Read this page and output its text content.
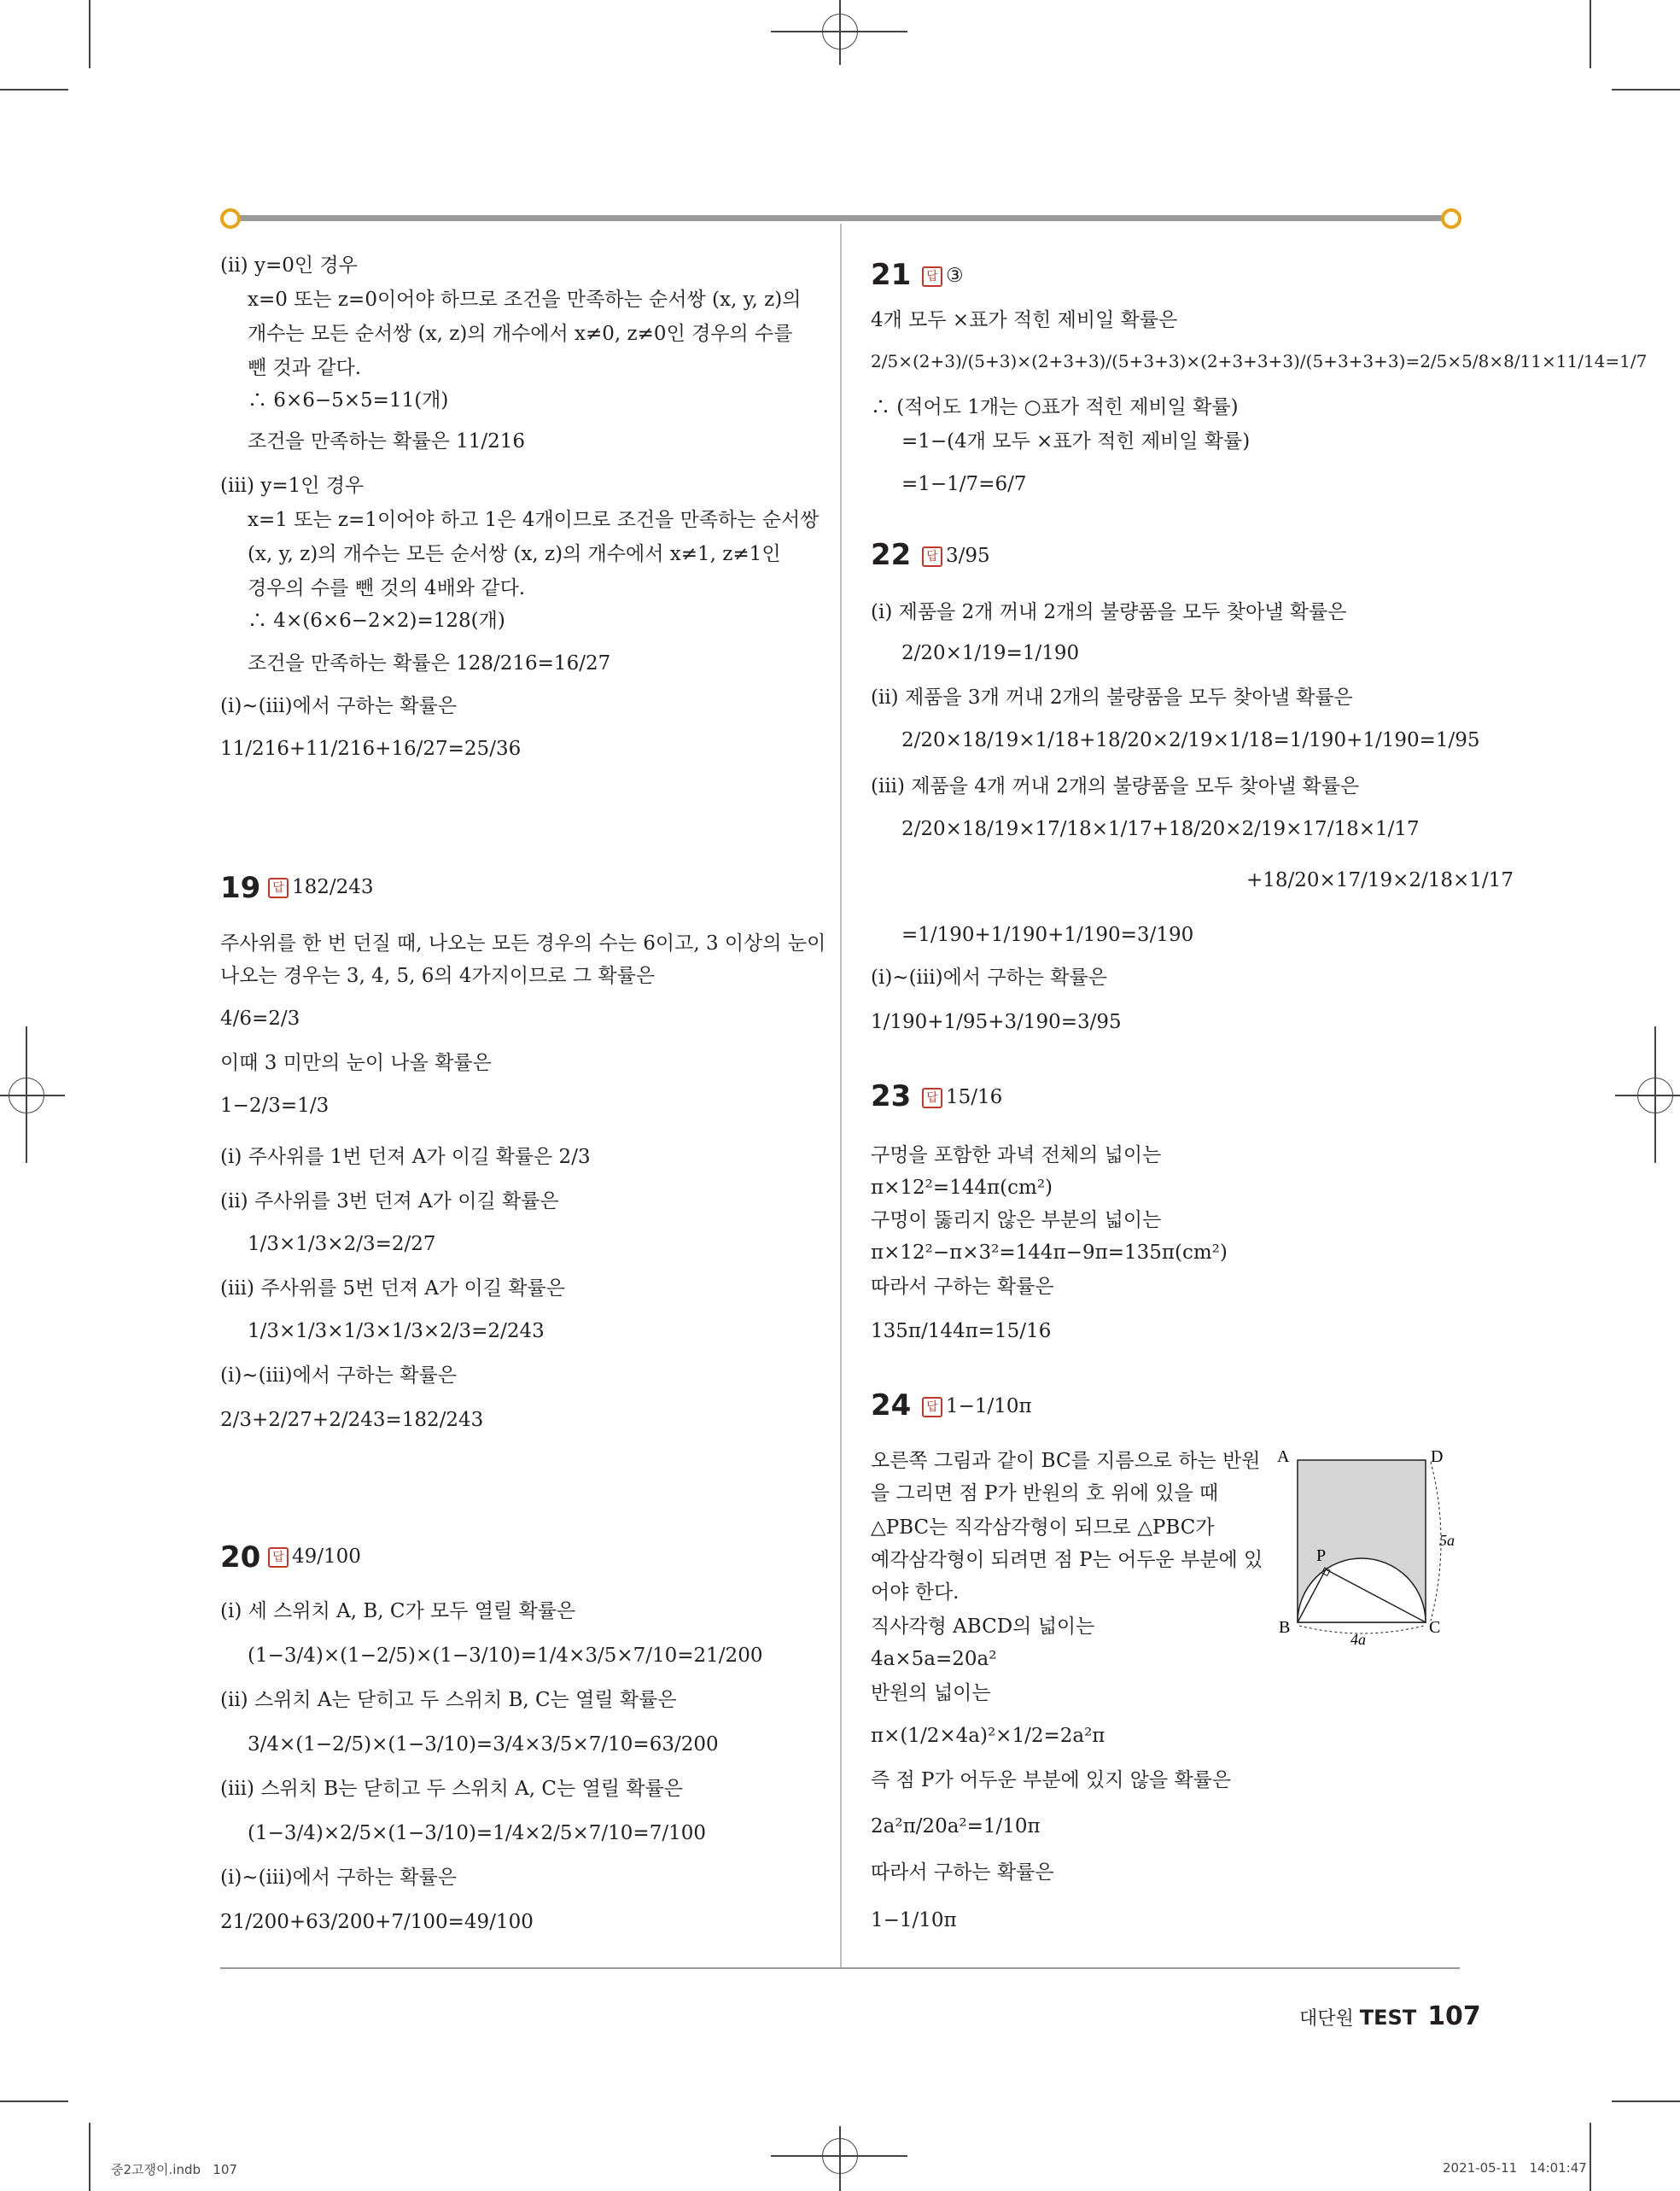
(ii) y=0인 경우
x=0 또는 z=0이어야 하므로 조건을 만족하는 순서쌍 (x, y, z)의
개수는 모든 순서쌍 (x, z)의 개수에서 x≠0, z≠0인 경우의 수를
뺀 것과 같다.
∴ 6×6−5×5=11(개)
조건을 만족하는 확률은 11/216
(iii) y=1인 경우
x=1 또는 z=1이어야 하고 1은 4개이므로 조건을 만족하는 순서쌍
(x, y, z)의 개수는 모든 순서쌍 (x, z)의 개수에서 x≠1, z≠1인
경우의 수를 뺀 것의 4배와 같다.
∴ 4×(6×6−2×2)=128(개)
조건을 만족하는 확률은 128/216=16/27
(i)~(iii)에서 구하는 확률은
11/216+11/216+16/27=25/36
19 답 182/243
주사위를 한 번 던질 때, 나오는 모든 경우의 수는 6이고, 3 이상의 눈이
나오는 경우는 3, 4, 5, 6의 4가지이므로 그 확률은
4/6=2/3
이때 3 미만의 눈이 나올 확률은
1−2/3=1/3
(i) 주사위를 1번 던져 A가 이길 확률은 2/3
(ii) 주사위를 3번 던져 A가 이길 확률은
1/3×1/3×2/3=2/27
(iii) 주사위를 5번 던져 A가 이길 확률은
1/3×1/3×1/3×1/3×2/3=2/243
(i)~(iii)에서 구하는 확률은
2/3+2/27+2/243=182/243
20 답 49/100
(i) 세 스위치 A, B, C가 모두 열릴 확률은
(1−3/4)×(1−2/5)×(1−3/10)=1/4×3/5×7/10=21/200
(ii) 스위치 A는 닫히고 두 스위치 B, C는 열릴 확률은
3/4×(1−2/5)×(1−3/10)=3/4×3/5×7/10=63/200
(iii) 스위치 B는 닫히고 두 스위치 A, C는 열릴 확률은
(1−3/4)×2/5×(1−3/10)=1/4×2/5×7/10=7/100
(i)~(iii)에서 구하는 확률은
21/200+63/200+7/100=49/100
21	답 ③
4개 모두 ×표가 적힌 제비일 확률은
2/5×(2+3)/(5+3)×(2+3+3)/(5+3+3)×(2+3+3+3)/(5+3+3+3)=2/5×5/8×8/11×11/14=1/7
∴ (적어도 1개는 ○표가 적힌 제비일 확률)
=1−(4개 모두 ×표가 적힌 제비일 확률)
=1−1/7=6/7
22	답 3/95
(i) 제품을 2개 꺼내 2개의 불량품을 모두 찾아낼 확률은
2/20×1/19=1/190
(ii) 제품을 3개 꺼내 2개의 불량품을 모두 찾아낼 확률은
2/20×18/19×1/18+18/20×2/19×1/18=1/190+1/190=1/95
(iii) 제품을 4개 꺼내 2개의 불량품을 모두 찾아낼 확률은
2/20×18/19×17/18×1/17+18/20×2/19×17/18×1/17
+18/20×17/19×2/18×1/17
=1/190+1/190+1/190=3/190
(i)~(iii)에서 구하는 확률은
1/190+1/95+3/190=3/95
23	답 15/16
구멍을 포함한 과녁 전체의 넓이는
π×12²=144π(cm²)
구멍이 뚫리지 않은 부분의 넓이는
π×12²−π×3²=144π−9π=135π(cm²)
따라서 구하는 확률은
135π/144π=15/16
24	답 1−1/10π
오른쪽 그림과 같이 BC를 지름으로 하는 반원
을 그리면 점 P가 반원의 호 위에 있을 때
△PBC는 직각삼각형이 되므로 △PBC가
예각삼각형이 되려면 점 P는 어두운 부분에 있
어야 한다.
직사각형 ABCD의 넓이는
4a×5a=20a²
반원의 넓이는
π×(1/2×4a)²×1/2=2a²π
즉 점 P가 어두운 부분에 있지 않을 확률은
2a²π/20a²=1/10π
따라서 구하는 확률은
1−1/10π
A	D
B	C
P
5a
4a
대단원 TEST 107
중2고쟁이.indb   107	2021-05-11   14:01:47
